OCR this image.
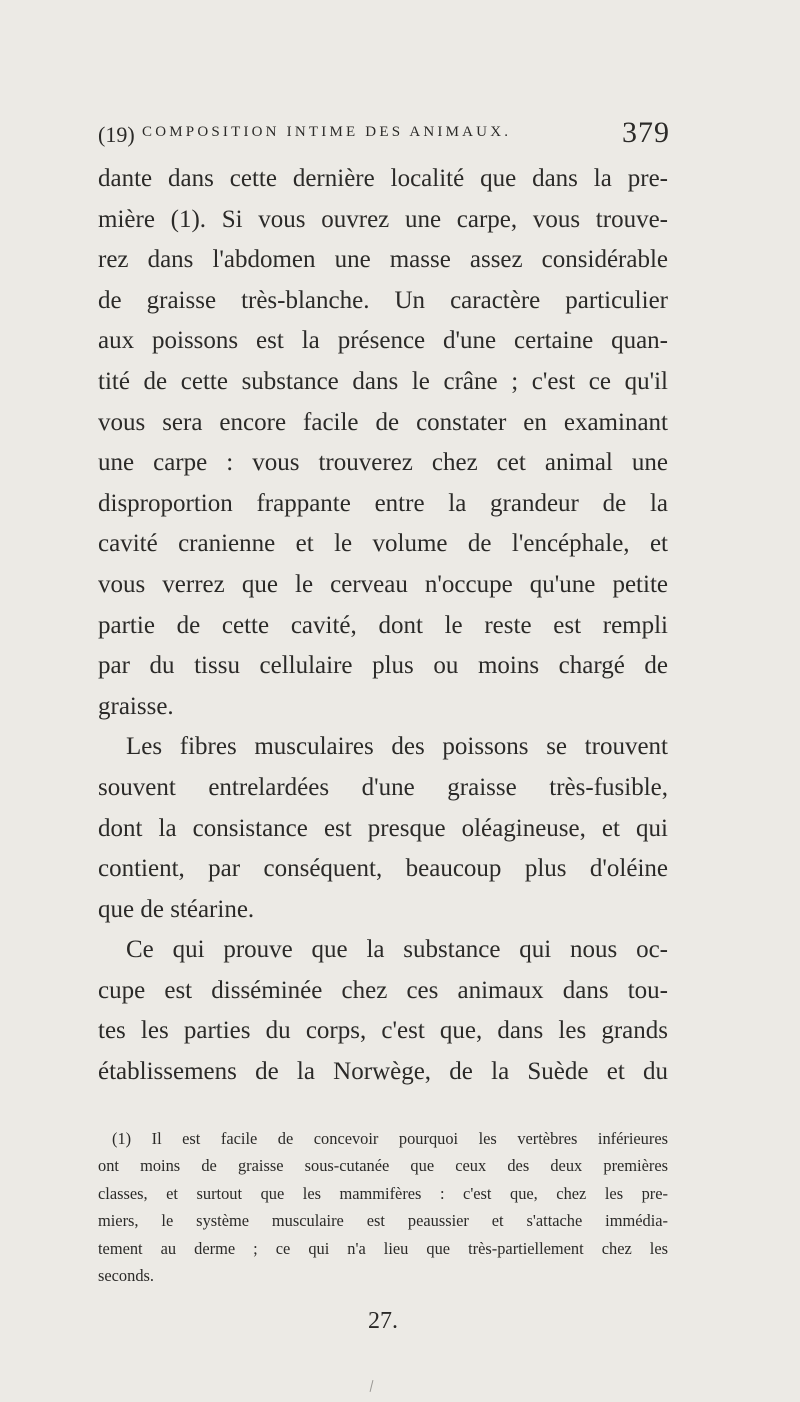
(19) COMPOSITION INTIME DES ANIMAUX.	379
dante dans cette dernière localité que dans la pre-
mière (1). Si vous ouvrez une carpe, vous trouve-
rez dans l'abdomen une masse assez considérable
de graisse très-blanche. Un caractère particulier
aux poissons est la présence d'une certaine quan-
tité de cette substance dans le crâne ; c'est ce qu'il
vous sera encore facile de constater en examinant
une carpe : vous trouverez chez cet animal une
disproportion frappante entre la grandeur de la
cavité cranienne et le volume de l'encéphale, et
vous verrez que le cerveau n'occupe qu'une petite
partie de cette cavité, dont le reste est rempli
par du tissu cellulaire plus ou moins chargé de
graisse.
Les fibres musculaires des poissons se trouvent
souvent entrelardées d'une graisse très-fusible,
dont la consistance est presque oléagineuse, et qui
contient, par conséquent, beaucoup plus d'oléine
que de stéarine.
Ce qui prouve que la substance qui nous oc-
cupe est disséminée chez ces animaux dans tou-
tes les parties du corps, c'est que, dans les grands
établissemens de la Norwège, de la Suède et du
(1) Il est facile de concevoir pourquoi les vertèbres inférieures
ont moins de graisse sous-cutanée que ceux des deux premières
classes, et surtout que les mammifères : c'est que, chez les pre-
miers, le système musculaire est peaussier et s'attache immédia-
tement au derme ; ce qui n'a lieu que très-partiellement chez les
seconds.
27.
